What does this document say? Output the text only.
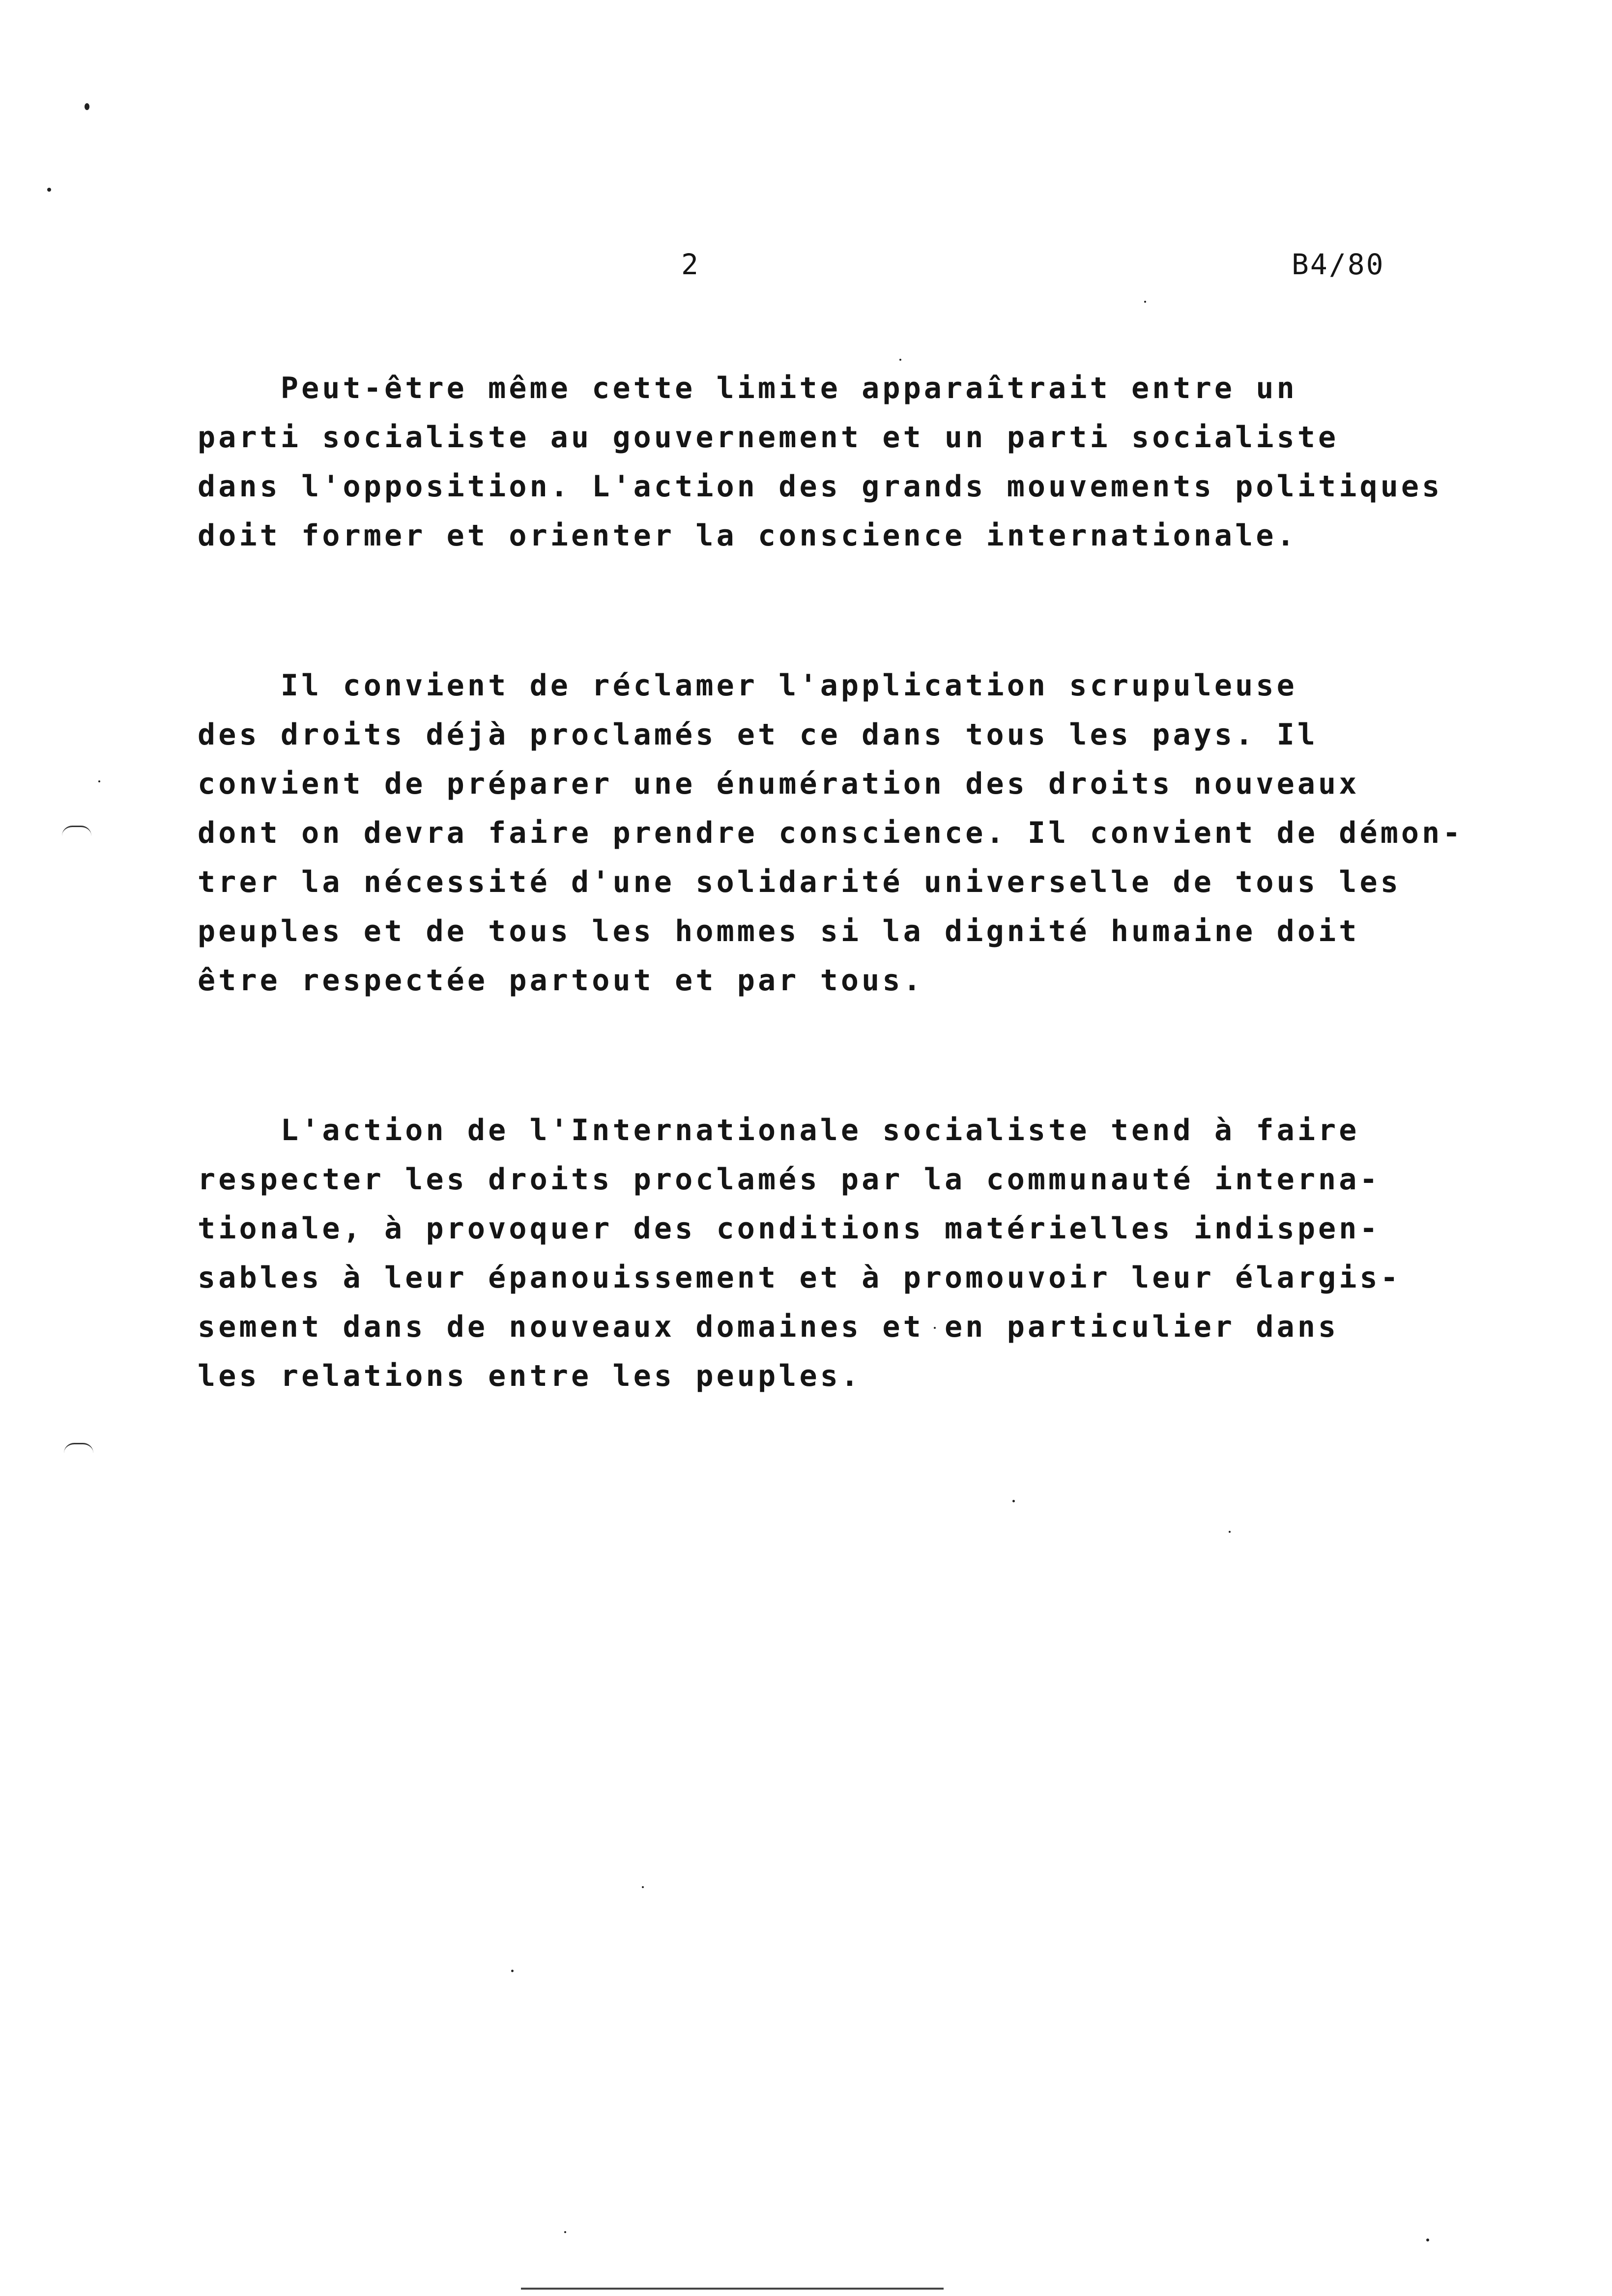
2	B4/80
Peut-être même cette limite apparaîtrait entre un
parti socialiste au gouvernement et un parti socialiste
dans l'opposition. L'action des grands mouvements politiques
doit former et orienter la conscience internationale.
Il convient de réclamer l'application scrupuleuse
des droits déjà proclamés et ce dans tous les pays. Il
convient de préparer une énumération des droits nouveaux
dont on devra faire prendre conscience. Il convient de démon-
trer la nécessité d'une solidarité universelle de tous les
peuples et de tous les hommes si la dignité humaine doit
être respectée partout et par tous.
L'action de l'Internationale socialiste tend à faire
respecter les droits proclamés par la communauté interna-
tionale, à provoquer des conditions matérielles indispen-
sables à leur épanouissement et à promouvoir leur élargis-
sement dans de nouveaux domaines et en particulier dans
les relations entre les peuples.
